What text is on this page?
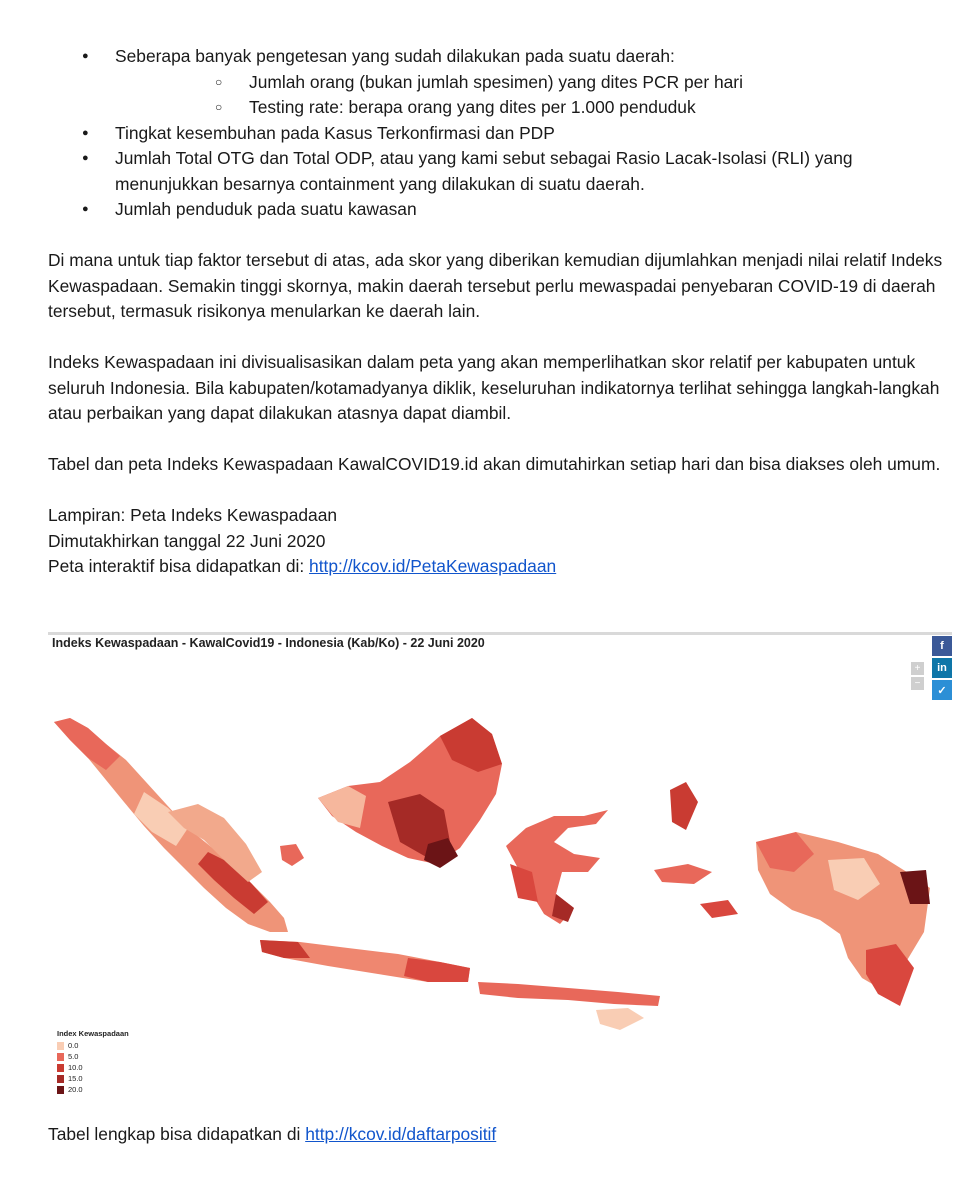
● Seberapa banyak pengetesan yang sudah dilakukan pada suatu daerah:
○ Jumlah orang (bukan jumlah spesimen) yang dites PCR per hari
○ Testing rate: berapa orang yang dites per 1.000 penduduk
● Tingkat kesembuhan pada Kasus Terkonfirmasi dan PDP
● Jumlah Total OTG dan Total ODP, atau yang kami sebut sebagai Rasio Lacak-Isolasi (RLI) yang menunjukkan besarnya containment yang dilakukan di suatu daerah.
● Jumlah penduduk pada suatu kawasan

Di mana untuk tiap faktor tersebut di atas, ada skor yang diberikan kemudian dijumlahkan menjadi nilai relatif Indeks Kewaspadaan. Semakin tinggi skornya, makin daerah tersebut perlu mewaspadai penyebaran COVID-19 di daerah tersebut, termasuk risikonya menularkan ke daerah lain.

Indeks Kewaspadaan ini divisualisasikan dalam peta yang akan memperlihatkan skor relatif per kabupaten untuk seluruh Indonesia. Bila kabupaten/kotamadyanya diklik, keseluruhan indikatornya terlihat sehingga langkah-langkah atau perbaikan yang dapat dilakukan atasnya dapat diambil.

Tabel dan peta Indeks Kewaspadaan KawalCOVID19.id akan dimutahirkan setiap hari dan bisa diakses oleh umum.

Lampiran: Peta Indeks Kewaspadaan

Dimutakhirkan tanggal 22 Juni 2020

Peta interaktif bisa didapatkan di: http://kcov.id/PetaKewaspadaan

Indeks Kewaspadaan - KawalCovid19 - Indonesia (Kab/Ko) - 22 Juni 2020	f
in
✓
+
−
Index Kewaspadaan
0.0
5.0
10.0
15.0
20.0
Tabel lengkap bisa didapatkan di http://kcov.id/daftarpositif
